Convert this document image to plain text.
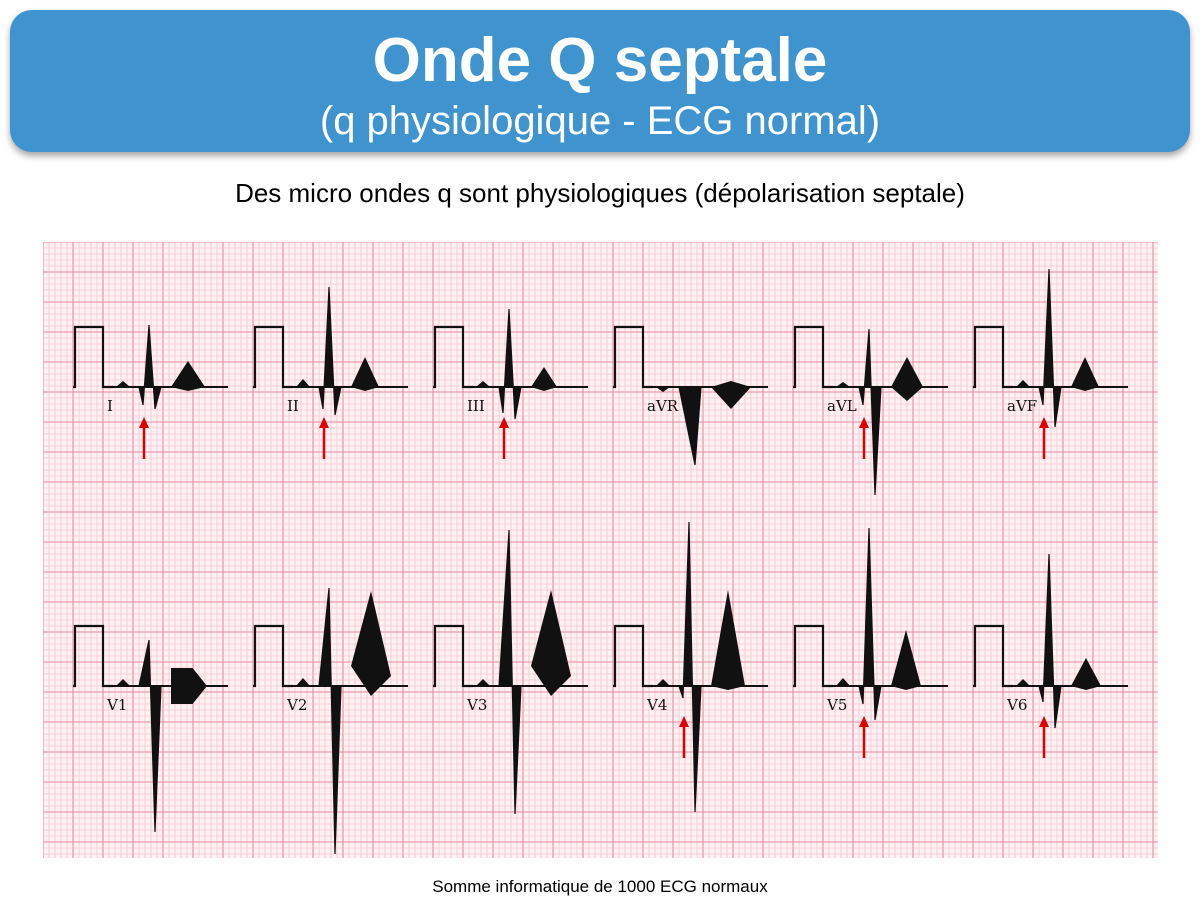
Onde Q septale
(q physiologique - ECG normal)
Des micro ondes q sont physiologiques (dépolarisation septale)
I	II	III	aVR	aVL	aVF
V1	V2	V3	V4	V5	V6
Somme informatique de 1000 ECG normaux
